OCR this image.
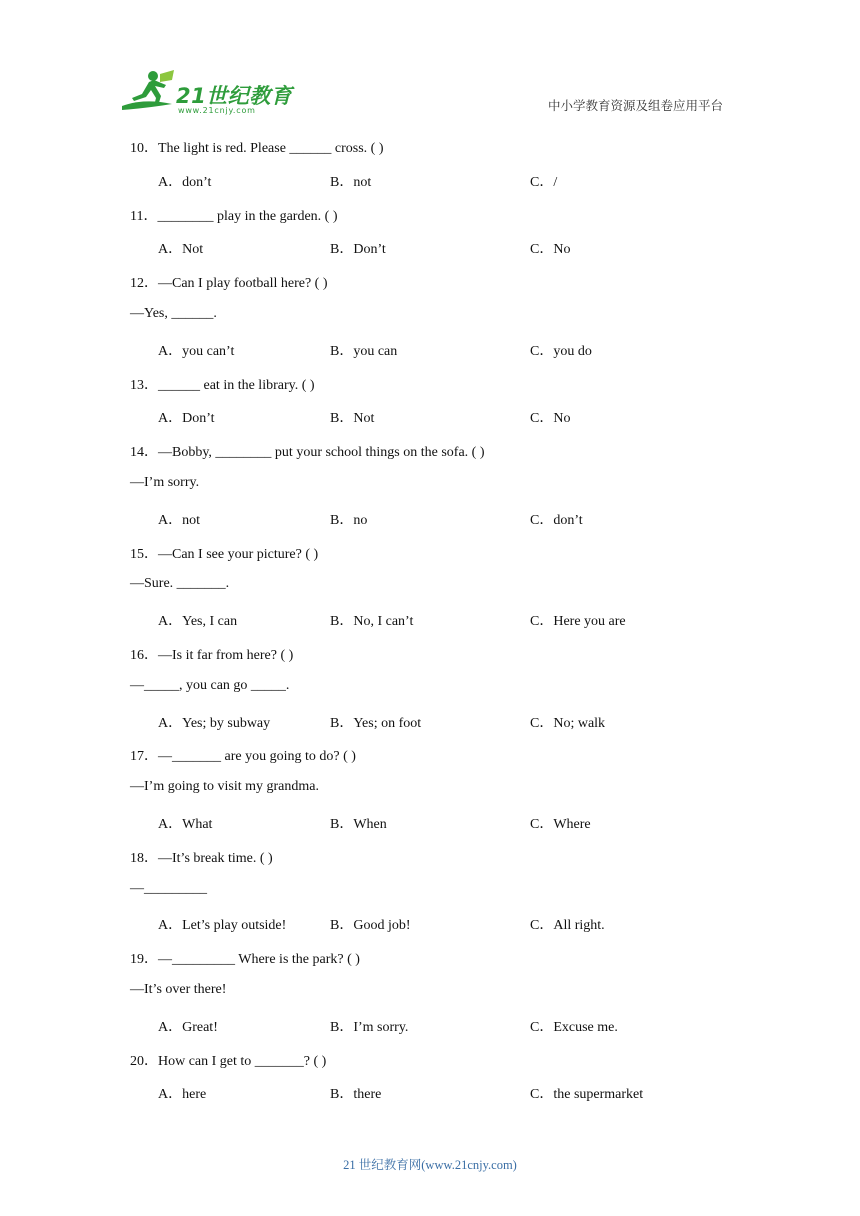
21世纪教育
www.21cnjy.com	中小学教育资源及组卷应用平台
10．The light is red. Please ______ cross. ( )
A．don’t	B．not	C．/
11．________ play in the garden. ( )
A．Not	B．Don’t	C．No
12．—Can I play football here? ( )
—Yes, ______.
A．you can’t	B．you can	C．you do
13．______ eat in the library. ( )
A．Don’t	B．Not	C．No
14．—Bobby, ________ put your school things on the sofa. ( )
—I’m sorry.
A．not	B．no	C．don’t
15．—Can I see your picture? ( )
—Sure. _______.
A．Yes, I can	B．No, I can’t	C．Here you are
16．—Is it far from here? ( )
—_____, you can go _____.
A．Yes; by subway	B．Yes; on foot	C．No; walk
17．—_______ are you going to do? ( )
—I’m going to visit my grandma.
A．What	B．When	C．Where
18．—It’s break time. ( )
—_________
A．Let’s play outside!	B．Good job!	C．All right.
19．—_________ Where is the park? ( )
—It’s over there!
A．Great!	B．I’m sorry.	C．Excuse me.
20．How can I get to _______? ( )
A．here	B．there	C．the supermarket
21 世纪教育网(www.21cnjy.com)
